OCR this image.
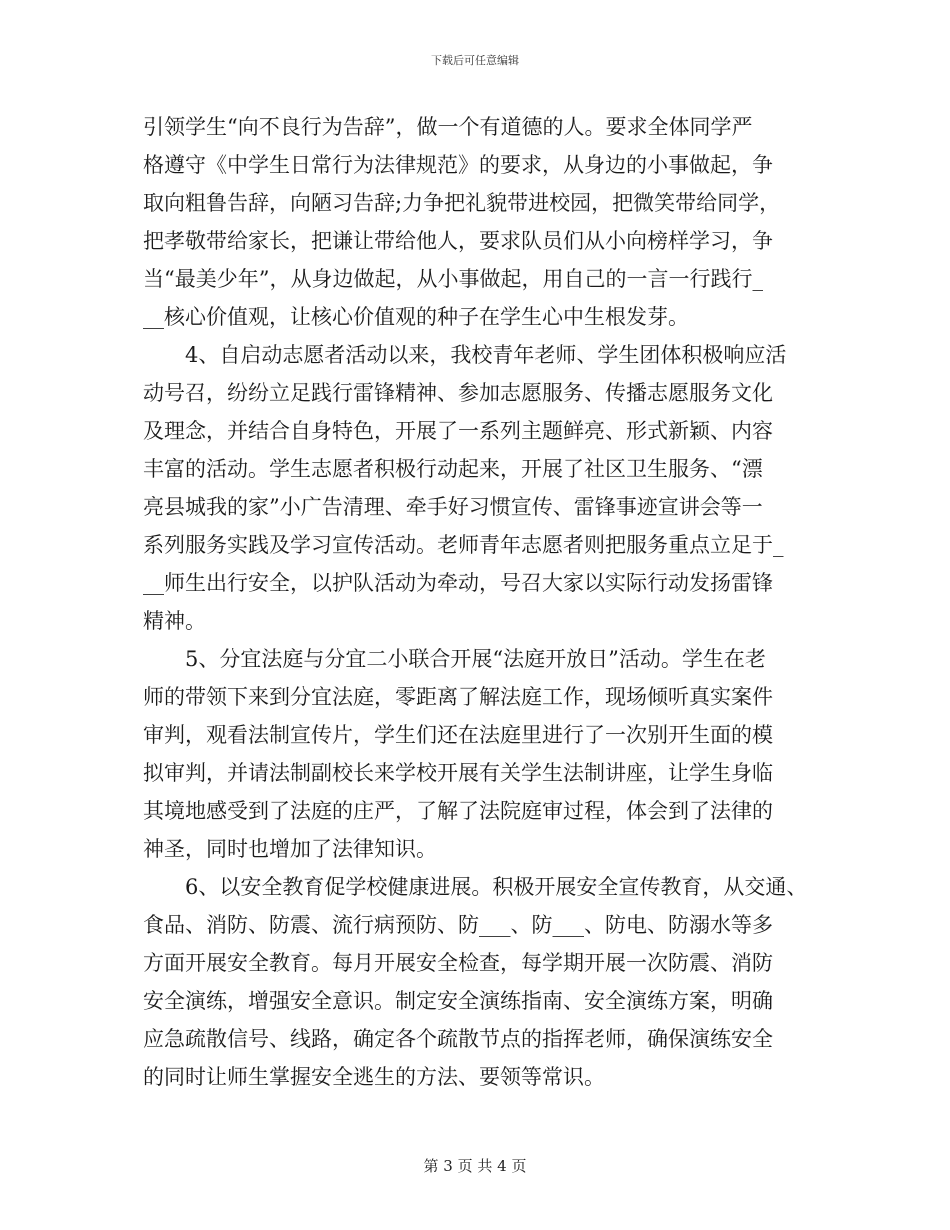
下载后可任意编辑
引领学生“向不良行为告辞”，做一个有道德的人。要求全体同学严
格遵守《中学生日常行为法律规范》的要求，从身边的小事做起，争
取向粗鲁告辞，向陋习告辞;力争把礼貌带进校园，把微笑带给同学，
把孝敬带给家长，把谦让带给他人，要求队员们从小向榜样学习，争
当“最美少年”，从身边做起，从小事做起，用自己的一言一行践行_
__核心价值观，让核心价值观的种子在学生心中生根发芽。
4、自启动志愿者活动以来，我校青年老师、学生团体积极响应活
动号召，纷纷立足践行雷锋精神、参加志愿服务、传播志愿服务文化
及理念，并结合自身特色，开展了一系列主题鲜亮、形式新颖、内容
丰富的活动。学生志愿者积极行动起来，开展了社区卫生服务、“漂
亮县城我的家”小广告清理、牵手好习惯宣传、雷锋事迹宣讲会等一
系列服务实践及学习宣传活动。老师青年志愿者则把服务重点立足于_
__师生出行安全，以护队活动为牵动，号召大家以实际行动发扬雷锋
精神。
5、分宜法庭与分宜二小联合开展“法庭开放日”活动。学生在老
师的带领下来到分宜法庭，零距离了解法庭工作，现场倾听真实案件
审判，观看法制宣传片，学生们还在法庭里进行了一次别开生面的模
拟审判，并请法制副校长来学校开展有关学生法制讲座，让学生身临
其境地感受到了法庭的庄严，了解了法院庭审过程，体会到了法律的
神圣，同时也增加了法律知识。
6、以安全教育促学校健康进展。积极开展安全宣传教育，从交通、
食品、消防、防震、流行病预防、防___、防___、防电、防溺水等多
方面开展安全教育。每月开展安全检查，每学期开展一次防震、消防
安全演练，增强安全意识。制定安全演练指南、安全演练方案，明确
应急疏散信号、线路，确定各个疏散节点的指挥老师，确保演练安全
的同时让师生掌握安全逃生的方法、要领等常识。
第 3 页 共 4 页
